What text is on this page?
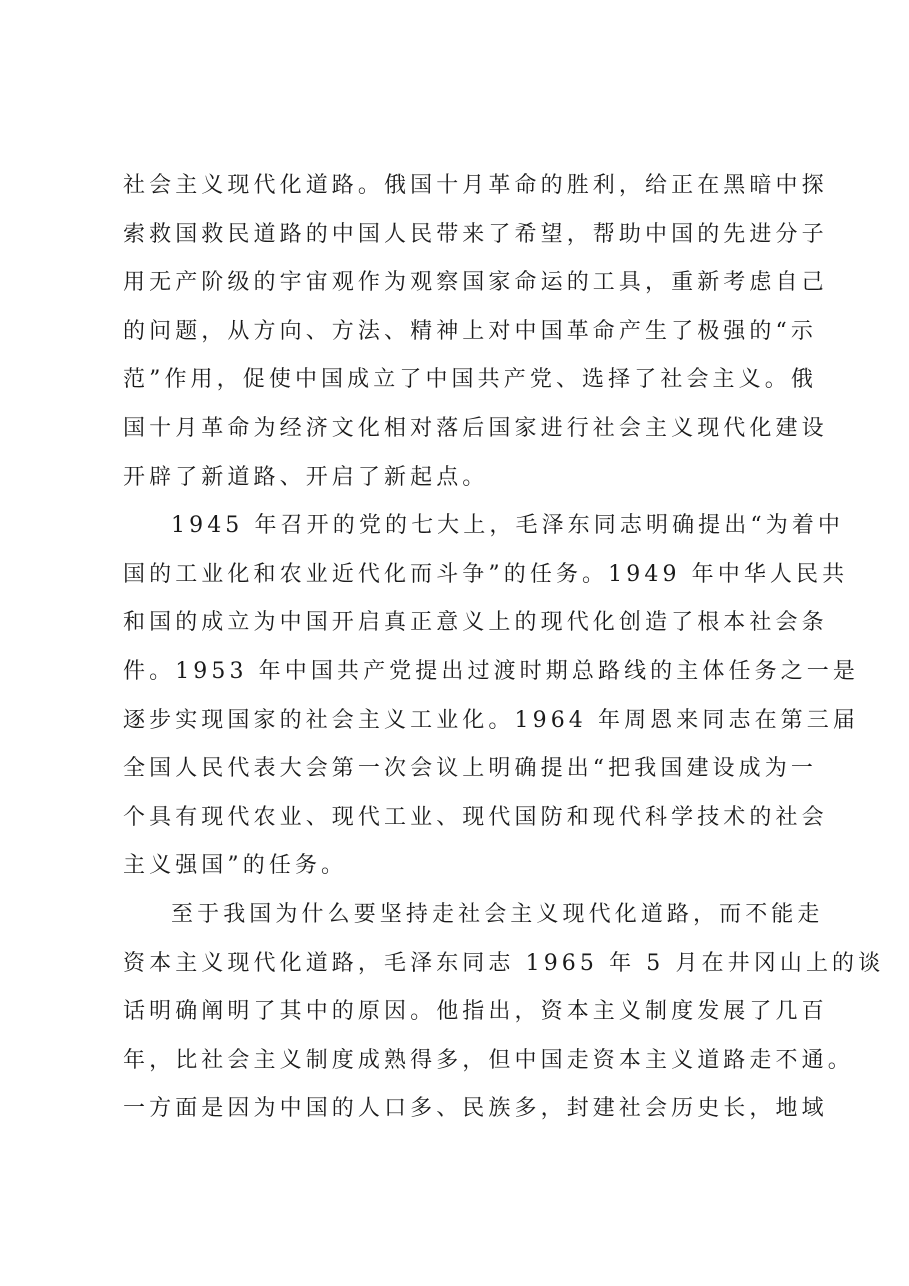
社会主义现代化道路。俄国十月革命的胜利，给正在黑暗中探
索救国救民道路的中国人民带来了希望，帮助中国的先进分子
用无产阶级的宇宙观作为观察国家命运的工具，重新考虑自己
的问题，从方向、方法、精神上对中国革命产生了极强的“示
范”作用，促使中国成立了中国共产党、选择了社会主义。俄
国十月革命为经济文化相对落后国家进行社会主义现代化建设
开辟了新道路、开启了新起点。
1945 年召开的党的七大上，毛泽东同志明确提出“为着中
国的工业化和农业近代化而斗争”的任务。1949 年中华人民共
和国的成立为中国开启真正意义上的现代化创造了根本社会条
件。1953 年中国共产党提出过渡时期总路线的主体任务之一是
逐步实现国家的社会主义工业化。1964 年周恩来同志在第三届
全国人民代表大会第一次会议上明确提出“把我国建设成为一
个具有现代农业、现代工业、现代国防和现代科学技术的社会
主义强国”的任务。
至于我国为什么要坚持走社会主义现代化道路，而不能走
资本主义现代化道路，毛泽东同志 1965 年 5 月在井冈山上的谈
话明确阐明了其中的原因。他指出，资本主义制度发展了几百
年，比社会主义制度成熟得多，但中国走资本主义道路走不通。
一方面是因为中国的人口多、民族多，封建社会历史长，地域
